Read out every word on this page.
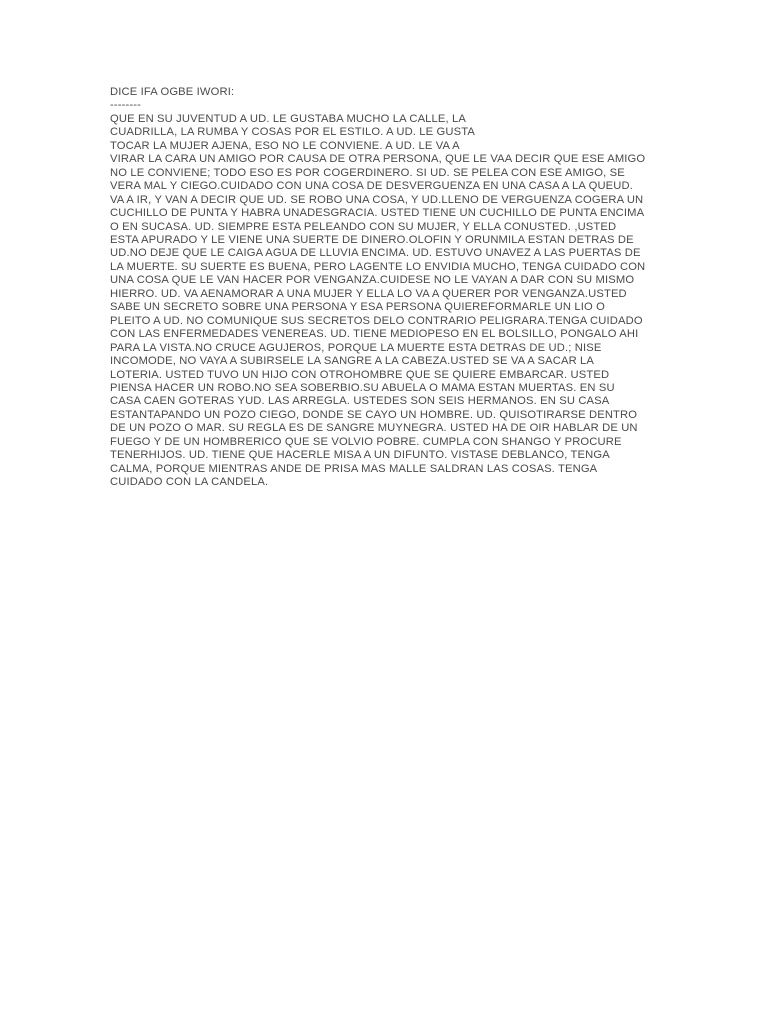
DICE IFA OGBE IWORI:
--------
QUE EN SU JUVENTUD A UD. LE GUSTABA MUCHO LA CALLE, LA
CUADRILLA, LA RUMBA Y COSAS POR EL ESTILO. A UD. LE GUSTA
TOCAR LA MUJER AJENA, ESO NO LE CONVIENE. A UD. LE VA A
VIRAR LA CARA UN AMIGO POR CAUSA DE OTRA PERSONA, QUE LE VAA DECIR QUE ESE AMIGO
NO LE CONVIENE; TODO ESO ES POR COGERDINERO. SI UD. SE PELEA CON ESE AMIGO, SE
VERA MAL Y CIEGO.CUIDADO CON UNA COSA DE DESVERGUENZA EN UNA CASA A LA QUEUD.
VA A IR, Y VAN A DECIR QUE UD. SE ROBO UNA COSA, Y UD.LLENO DE VERGUENZA COGERA UN
CUCHILLO DE PUNTA Y HABRA UNADESGRACIA. USTED TIENE UN CUCHILLO DE PUNTA ENCIMA
O EN SUCASA. UD. SIEMPRE ESTA PELEANDO CON SU MUJER, Y ELLA CONUSTED. ,USTED
ESTA APURADO Y LE VIENE UNA SUERTE DE DINERO.OLOFIN Y ORUNMILA ESTAN DETRAS DE
UD.NO DEJE QUE LE CAIGA AGUA DE LLUVIA ENCIMA. UD. ESTUVO UNAVEZ A LAS PUERTAS DE
LA MUERTE. SU SUERTE ES BUENA, PERO LAGENTE LO ENVIDIA MUCHO, TENGA CUIDADO CON
UNA COSA QUE LE VAN HACER POR VENGANZA.CUIDESE NO LE VAYAN A DAR CON SU MISMO
HIERRO. UD. VA AENAMORAR A UNA MUJER Y ELLA LO VA A QUERER POR VENGANZA.USTED
SABE UN SECRETO SOBRE UNA PERSONA Y ESA PERSONA QUIEREFORMARLE UN LIO O
PLEITO A UD. NO COMUNIQUE SUS SECRETOS DELO CONTRARIO PELIGRARA.TENGA CUIDADO
CON LAS ENFERMEDADES VENEREAS. UD. TIENE MEDIOPESO EN EL BOLSILLO, PONGALO AHI
PARA LA VISTA.NO CRUCE AGUJEROS, PORQUE LA MUERTE ESTA DETRAS DE UD.; NISE
INCOMODE, NO VAYA A SUBIRSELE LA SANGRE A LA CABEZA.USTED SE VA A SACAR LA
LOTERIA. USTED TUVO UN HIJO CON OTROHOMBRE QUE SE QUIERE EMBARCAR. USTED
PIENSA HACER UN ROBO.NO SEA SOBERBIO.SU ABUELA O MAMA ESTAN MUERTAS. EN SU
CASA CAEN GOTERAS YUD. LAS ARREGLA. USTEDES SON SEIS HERMANOS. EN SU CASA
ESTANTAPANDO UN POZO CIEGO, DONDE SE CAYO UN HOMBRE. UD. QUISOTIRARSE DENTRO
DE UN POZO O MAR. SU REGLA ES DE SANGRE MUYNEGRA. USTED HA DE OIR HABLAR DE UN
FUEGO Y DE UN HOMBRERICO QUE SE VOLVIO POBRE. CUMPLA CON SHANGO Y PROCURE
TENERHIJOS. UD. TIENE QUE HACERLE MISA A UN DIFUNTO. VISTASE DEBLANCO, TENGA
CALMA, PORQUE MIENTRAS ANDE DE PRISA MAS MALLE SALDRAN LAS COSAS. TENGA
CUIDADO CON LA CANDELA.
